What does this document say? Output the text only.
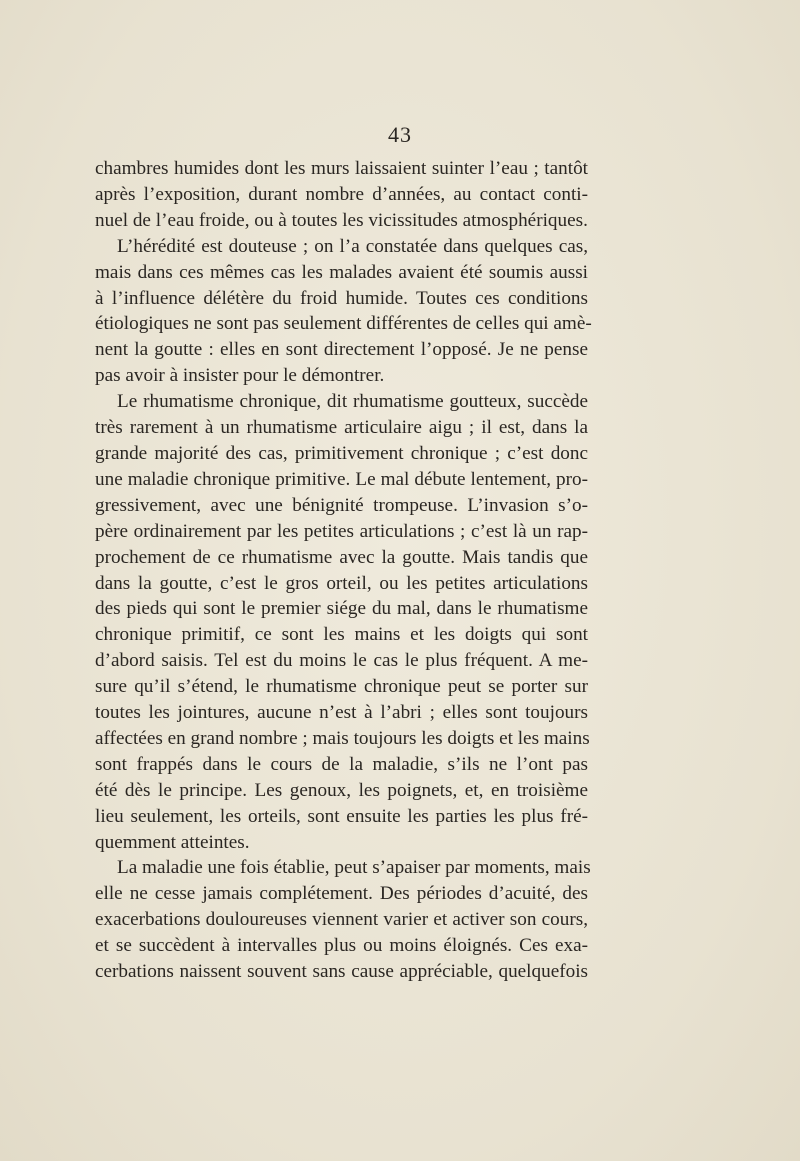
43
chambres humides dont les murs laissaient suinter l’eau ; tantôt
après l’exposition, durant nombre d’années, au contact conti-
nuel de l’eau froide, ou à toutes les vicissitudes atmosphériques.
L’hérédité est douteuse ; on l’a constatée dans quelques cas,
mais dans ces mêmes cas les malades avaient été soumis aussi
à l’influence délétère du froid humide. Toutes ces conditions
étiologiques ne sont pas seulement différentes de celles qui amè-
nent la goutte : elles en sont directement l’opposé. Je ne pense
pas avoir à insister pour le démontrer.
Le rhumatisme chronique, dit rhumatisme goutteux, succède
très rarement à un rhumatisme articulaire aigu ; il est, dans la
grande majorité des cas, primitivement chronique ; c’est donc
une maladie chronique primitive. Le mal débute lentement, pro-
gressivement, avec une bénignité trompeuse. L’invasion s’o-
père ordinairement par les petites articulations ; c’est là un rap-
prochement de ce rhumatisme avec la goutte. Mais tandis que
dans la goutte, c’est le gros orteil, ou les petites articulations
des pieds qui sont le premier siége du mal, dans le rhumatisme
chronique primitif, ce sont les mains et les doigts qui sont
d’abord saisis. Tel est du moins le cas le plus fréquent. A me-
sure qu’il s’étend, le rhumatisme chronique peut se porter sur
toutes les jointures, aucune n’est à l’abri ; elles sont toujours
affectées en grand nombre ; mais toujours les doigts et les mains
sont frappés dans le cours de la maladie, s’ils ne l’ont pas
été dès le principe. Les genoux, les poignets, et, en troisième
lieu seulement, les orteils, sont ensuite les parties les plus fré-
quemment atteintes.
La maladie une fois établie, peut s’apaiser par moments, mais
elle ne cesse jamais complétement. Des périodes d’acuité, des
exacerbations douloureuses viennent varier et activer son cours,
et se succèdent à intervalles plus ou moins éloignés. Ces exa-
cerbations naissent souvent sans cause appréciable, quelquefois
